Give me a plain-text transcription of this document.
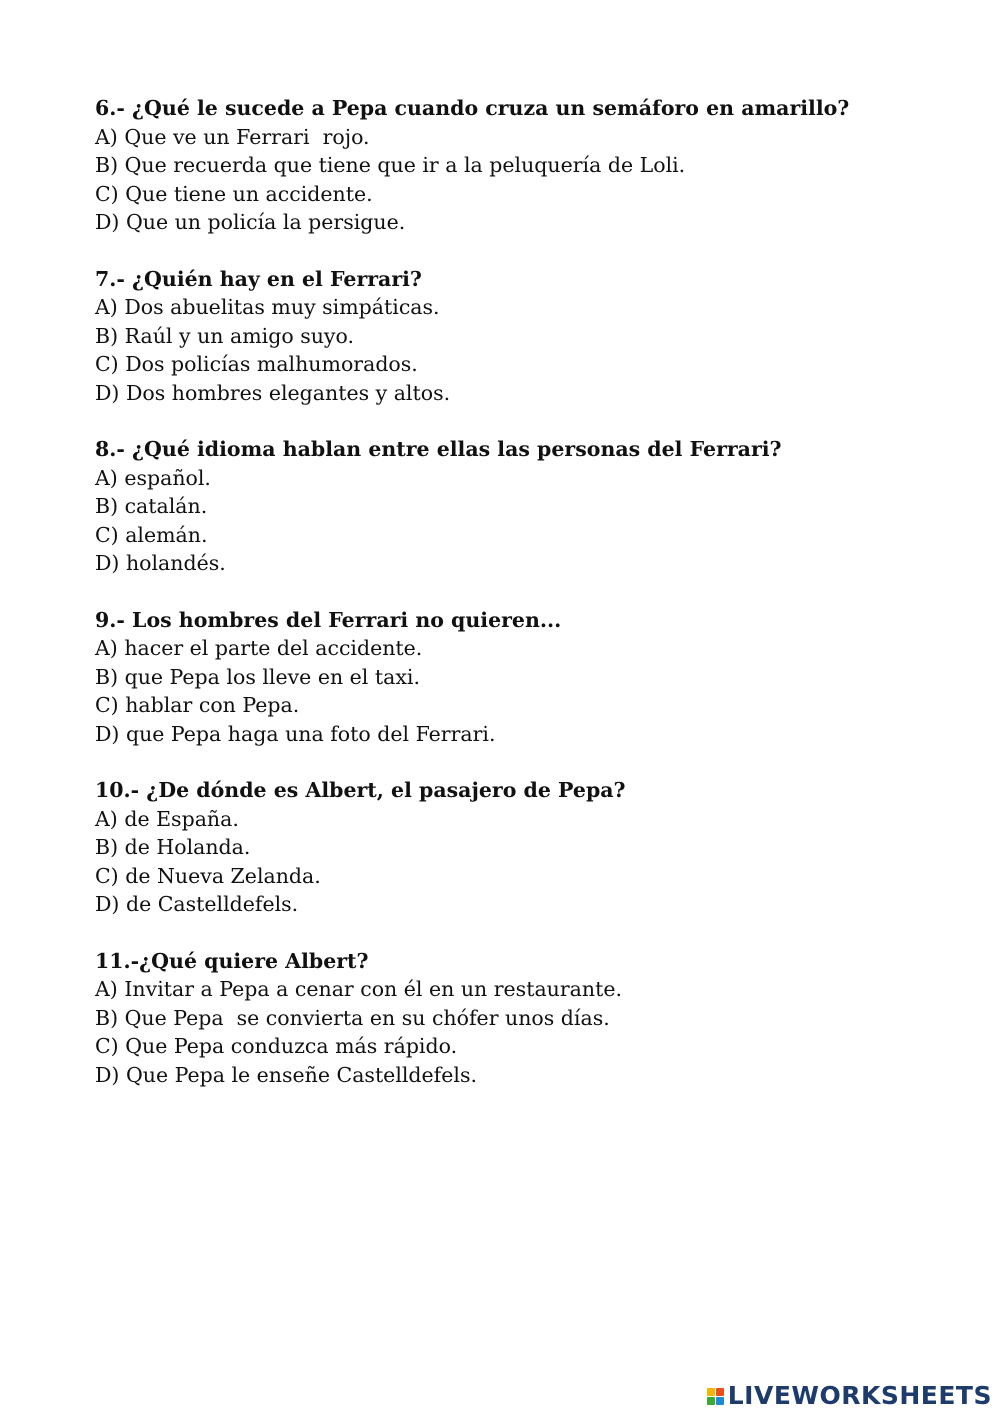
6.- ¿Qué le sucede a Pepa cuando cruza un semáforo en amarillo?
A) Que ve un Ferrari  rojo.
B) Que recuerda que tiene que ir a la peluquería de Loli.
C) Que tiene un accidente.
D) Que un policía la persigue.
7.- ¿Quién hay en el Ferrari?
A) Dos abuelitas muy simpáticas.
B) Raúl y un amigo suyo.
C) Dos policías malhumorados.
D) Dos hombres elegantes y altos.
8.- ¿Qué idioma hablan entre ellas las personas del Ferrari?
A) español.
B) catalán.
C) alemán.
D) holandés.
9.- Los hombres del Ferrari no quieren...
A) hacer el parte del accidente.
B) que Pepa los lleve en el taxi.
C) hablar con Pepa.
D) que Pepa haga una foto del Ferrari.
10.- ¿De dónde es Albert, el pasajero de Pepa?
A) de España.
B) de Holanda.
C) de Nueva Zelanda.
D) de Castelldefels.
11.-¿Qué quiere Albert?
A) Invitar a Pepa a cenar con él en un restaurante.
B) Que Pepa  se convierta en su chófer unos días.
C) Que Pepa conduzca más rápido.
D) Que Pepa le enseñe Castelldefels.
LIVEWORKSHEETS
